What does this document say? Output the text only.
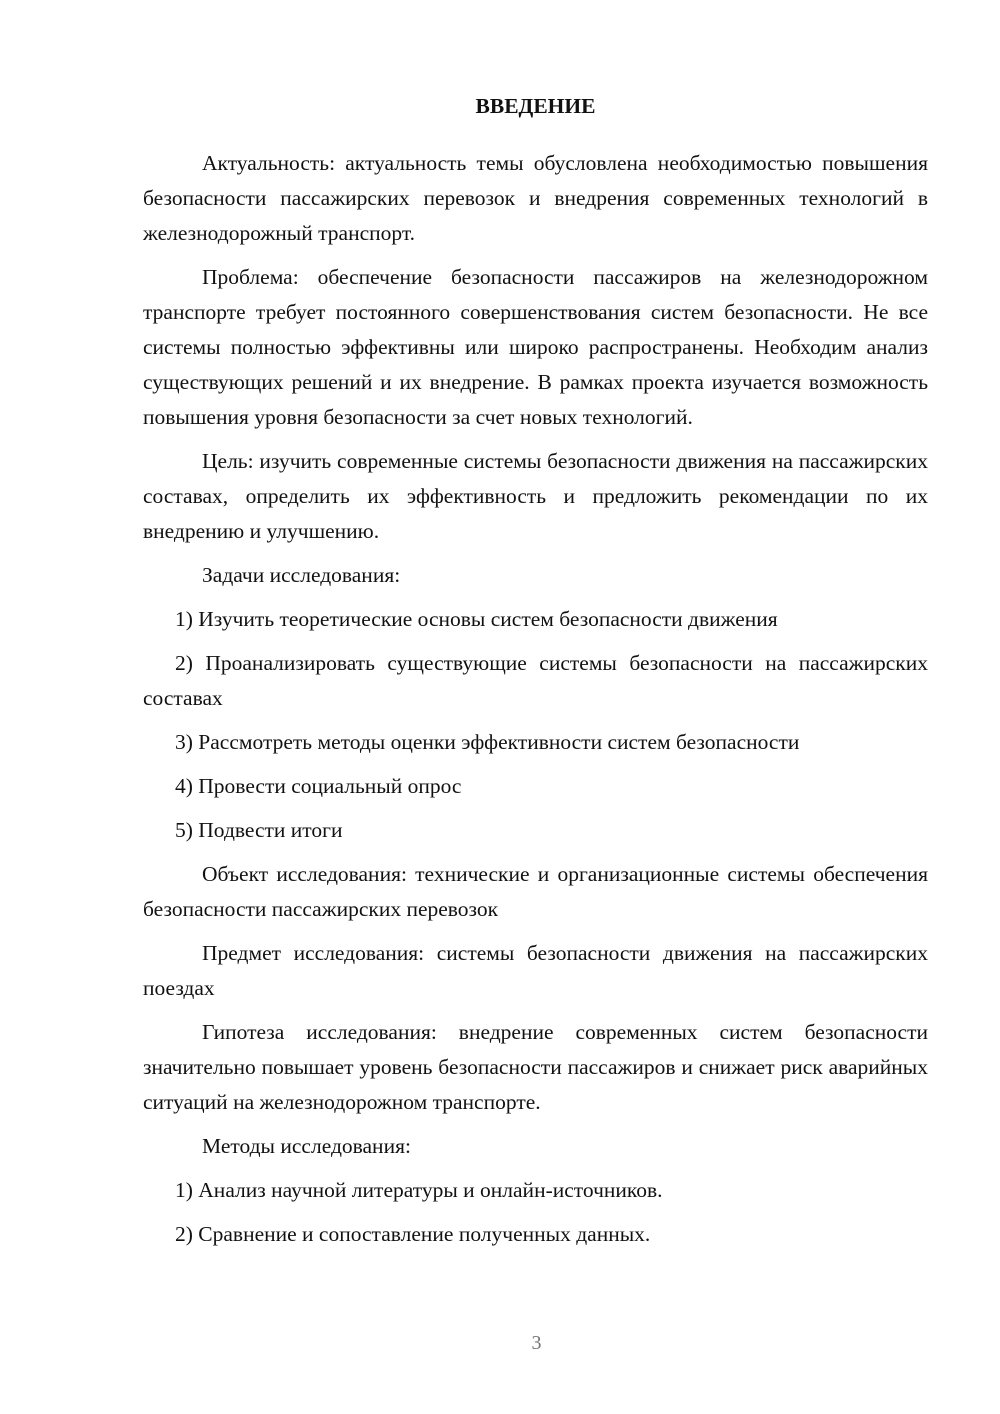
ВВЕДЕНИЕ

Актуальность: актуальность темы обусловлена необходимостью повышения безопасности пассажирских перевозок и внедрения современных технологий в железнодорожный транспорт.

Проблема: обеспечение безопасности пассажиров на железнодорожном транспорте требует постоянного совершенствования систем безопасности. Не все системы полностью эффективны или широко распространены. Необходим анализ существующих решений и их внедрение. В рамках проекта изучается возможность повышения уровня безопасности за счет новых технологий.

Цель: изучить современные системы безопасности движения на пассажирских составах, определить их эффективность и предложить рекомендации по их внедрению и улучшению.

Задачи исследования:

1) Изучить теоретические основы систем безопасности движения

2) Проанализировать существующие системы безопасности на пассажирских составах

3) Рассмотреть методы оценки эффективности систем безопасности

4) Провести социальный опрос

5) Подвести итоги

Объект исследования: технические и организационные системы обеспечения безопасности пассажирских перевозок

Предмет исследования: системы безопасности движения на пассажирских поездах

Гипотеза исследования: внедрение современных систем безопасности значительно повышает уровень безопасности пассажиров и снижает риск аварийных ситуаций на железнодорожном транспорте.

Методы исследования:

1) Анализ научной литературы и онлайн-источников.

2) Сравнение и сопоставление полученных данных.

3
